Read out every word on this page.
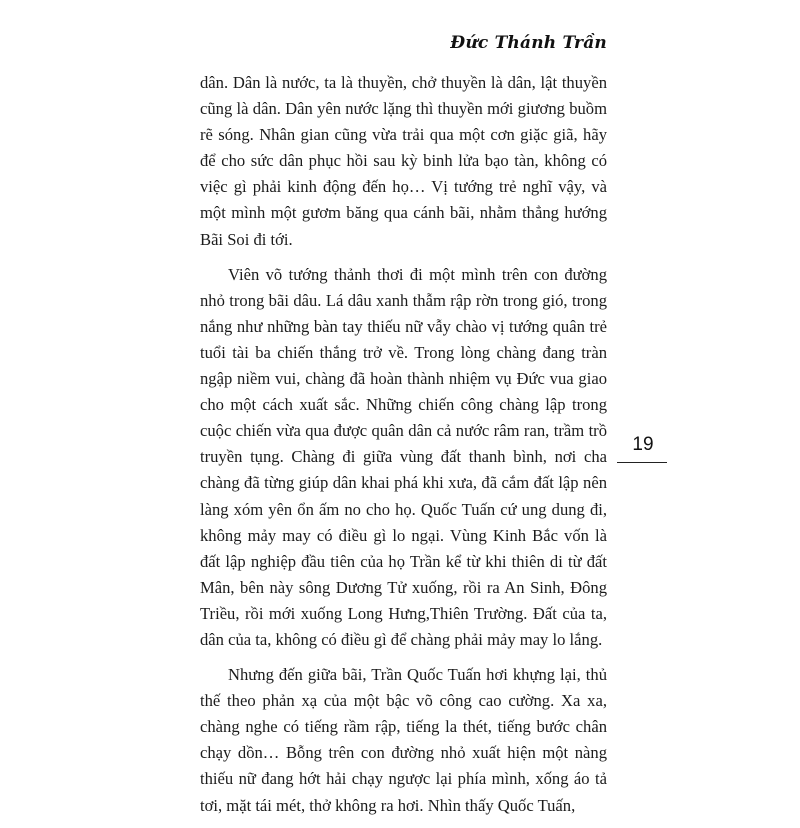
Đức Thánh Trần

dân. Dân là nước, ta là thuyền, chở thuyền là dân, lật thuyền cũng là dân. Dân yên nước lặng thì thuyền mới giương buồm rẽ sóng. Nhân gian cũng vừa trải qua một cơn giặc giã, hãy để cho sức dân phục hồi sau kỳ binh lửa bạo tàn, không có việc gì phải kinh động đến họ… Vị tướng trẻ nghĩ vậy, và một mình một gươm băng qua cánh bãi, nhằm thẳng hướng Bãi Soi đi tới.

Viên võ tướng thảnh thơi đi một mình trên con đường nhỏ trong bãi dâu. Lá dâu xanh thẫm rập rờn trong gió, trong nắng như những bàn tay thiếu nữ vẫy chào vị tướng quân trẻ tuổi tài ba chiến thắng trở về. Trong lòng chàng đang tràn ngập niềm vui, chàng đã hoàn thành nhiệm vụ Đức vua giao cho một cách xuất sắc. Những chiến công chàng lập trong cuộc chiến vừa qua được quân dân cả nước râm ran, trầm trồ truyền tụng. Chàng đi giữa vùng đất thanh bình, nơi cha chàng đã từng giúp dân khai phá khi xưa, đã cắm đất lập nên làng xóm yên ổn ấm no cho họ. Quốc Tuấn cứ ung dung đi, không mảy may có điều gì lo ngại. Vùng Kinh Bắc vốn là đất lập nghiệp đầu tiên của họ Trần kể từ khi thiên di từ đất Mân, bên này sông Dương Tử xuống, rồi ra An Sinh, Đông Triều, rồi mới xuống Long Hưng,Thiên Trường. Đất của ta, dân của ta, không có điều gì để chàng phải mảy may lo lắng.

Nhưng đến giữa bãi, Trần Quốc Tuấn hơi khựng lại, thủ thế theo phản xạ của một bậc võ công cao cường. Xa xa, chàng nghe có tiếng rầm rập, tiếng la thét, tiếng bước chân chạy dồn… Bỗng trên con đường nhỏ xuất hiện một nàng thiếu nữ đang hớt hải chạy ngược lại phía mình, xống áo tả tơi, mặt tái mét, thở không ra hơi. Nhìn thấy Quốc Tuấn,

19
